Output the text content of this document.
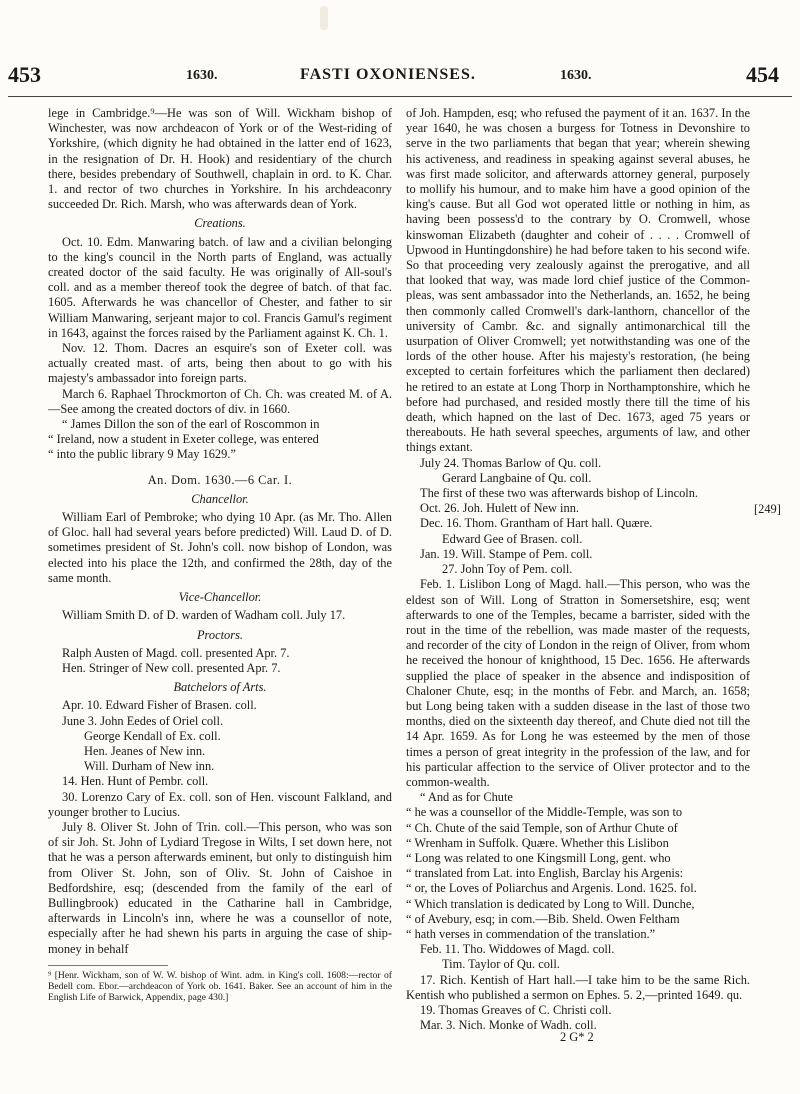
453	1630.	FASTI OXONIENSES.	1630.	454

lege in Cambridge.⁹—He was son of Will. Wickham bishop of Winchester, was now archdeacon of York or of the West-riding of Yorkshire, (which dignity he had obtained in the latter end of 1623, in the resignation of Dr. H. Hook) and residentiary of the church there, besides prebendary of Southwell, chaplain in ord. to K. Char. 1. and rector of two churches in Yorkshire. In his archdeaconry succeeded Dr. Rich. Marsh, who was afterwards dean of York.

Creations.

Oct. 10. Edm. Manwaring batch. of law and a civilian belonging to the king's council in the North parts of England, was actually created doctor of the said faculty. He was originally of All-soul's coll. and as a member thereof took the degree of batch. of that fac. 1605. Afterwards he was chancellor of Chester, and father to sir William Manwaring, serjeant major to col. Francis Gamul's regiment in 1643, against the forces raised by the Parliament against K. Ch. 1.

Nov. 12. Thom. Dacres an esquire's son of Exeter coll. was actually created mast. of arts, being then about to go with his majesty's ambassador into foreign parts.

March 6. Raphael Throckmorton of Ch. Ch. was created M. of A.—See among the created doctors of div. in 1660.

“ James Dillon the son of the earl of Roscommon in

“ Ireland, now a student in Exeter college, was entered

“ into the public library 9 May 1629.”

An. Dom. 1630.—6 Car. I.

Chancellor.

William Earl of Pembroke; who dying 10 Apr. (as Mr. Tho. Allen of Gloc. hall had several years before predicted) Will. Laud D. of D. sometimes president of St. John's coll. now bishop of London, was elected into his place the 12th, and confirmed the 28th, day of the same month.

Vice-Chancellor.

William Smith D. of D. warden of Wadham coll. July 17.

Proctors.

Ralph Austen of Magd. coll. presented Apr. 7.

Hen. Stringer of New coll. presented Apr. 7.

Batchelors of Arts.

Apr. 10. Edward Fisher of Brasen. coll.

June 3. John Eedes of Oriel coll.

George Kendall of Ex. coll.

Hen. Jeanes of New inn.

Will. Durham of New inn.

14. Hen. Hunt of Pembr. coll.

30. Lorenzo Cary of Ex. coll. son of Hen. viscount Falkland, and younger brother to Lucius.

July 8. Oliver St. John of Trin. coll.—This person, who was son of sir Joh. St. John of Lydiard Tregose in Wilts, I set down here, not that he was a person afterwards eminent, but only to distinguish him from Oliver St. John, son of Oliv. St. John of Caishoe in Bedfordshire, esq; (descended from the family of the earl of Bullingbrook) educated in the Catharine hall in Cambridge, afterwards in Lincoln's inn, where he was a counsellor of note, especially after he had shewn his parts in arguing the case of ship-money in behalf

⁹ [Henr. Wickham, son of W. W. bishop of Wint. adm. in King's coll. 1608:—rector of Bedell com. Ebor.—archdeacon of York ob. 1641. Baker. See an account of him in the English Life of Barwick, Appendix, page 430.]

of Joh. Hampden, esq; who refused the payment of it an. 1637. In the year 1640, he was chosen a burgess for Totness in Devonshire to serve in the two parliaments that began that year; wherein shewing his activeness, and readiness in speaking against several abuses, he was first made solicitor, and afterwards attorney general, purposely to mollify his humour, and to make him have a good opinion of the king's cause. But all God wot operated little or nothing in him, as having been possess'd to the contrary by O. Cromwell, whose kinswoman Elizabeth (daughter and coheir of . . . . Cromwell of Upwood in Huntingdonshire) he had before taken to his second wife. So that proceeding very zealously against the prerogative, and all that looked that way, was made lord chief justice of the Common-pleas, was sent ambassador into the Netherlands, an. 1652, he being then commonly called Cromwell's dark-lanthorn, chancellor of the university of Cambr. &c. and signally antimonarchical till the usurpation of Oliver Cromwell; yet notwithstanding was one of the lords of the other house. After his majesty's restoration, (he being excepted to certain forfeitures which the parliament then declared) he retired to an estate at Long Thorp in Northamptonshire, which he before had purchased, and resided mostly there till the time of his death, which hapned on the last of Dec. 1673, aged 75 years or thereabouts. He hath several speeches, arguments of law, and other things extant.

July 24. Thomas Barlow of Qu. coll.

Gerard Langbaine of Qu. coll.

The first of these two was afterwards bishop of Lincoln.

Oct. 26. Joh. Hulett of New inn.

Dec. 16. Thom. Grantham of Hart hall. Quære.

Edward Gee of Brasen. coll.

Jan. 19. Will. Stampe of Pem. coll.

27. John Toy of Pem. coll.

Feb. 1. Lislibon Long of Magd. hall.—This person, who was the eldest son of Will. Long of Stratton in Somersetshire, esq; went afterwards to one of the Temples, became a barrister, sided with the rout in the time of the rebellion, was made master of the requests, and recorder of the city of London in the reign of Oliver, from whom he received the honour of knighthood, 15 Dec. 1656. He afterwards supplied the place of speaker in the absence and indisposition of Chaloner Chute, esq; in the months of Febr. and March, an. 1658; but Long being taken with a sudden disease in the last of those two months, died on the sixteenth day thereof, and Chute died not till the 14 Apr. 1659. As for Long he was esteemed by the men of those times a person of great integrity in the profession of the law, and for his particular affection to the service of Oliver protector and to the common-wealth.

“ And as for Chute

“ he was a counsellor of the Middle-Temple, was son to

“ Ch. Chute of the said Temple, son of Arthur Chute of

“ Wrenham in Suffolk. Quære. Whether this Lislibon

“ Long was related to one Kingsmill Long, gent. who

“ translated from Lat. into English, Barclay his Argenis:

“ or, the Loves of Poliarchus and Argenis. Lond. 1625. fol.

“ Which translation is dedicated by Long to Will. Dunche,

“ of Avebury, esq; in com.—Bib. Sheld. Owen Feltham

“ hath verses in commendation of the translation.”

Feb. 11. Tho. Widdowes of Magd. coll.

Tim. Taylor of Qu. coll.

17. Rich. Kentish of Hart hall.—I take him to be the same Rich. Kentish who published a sermon on Ephes. 5. 2,—printed 1649. qu.

19. Thomas Greaves of C. Christi coll.

Mar. 3. Nich. Monke of Wadh. coll.

[249]
2 G* 2
